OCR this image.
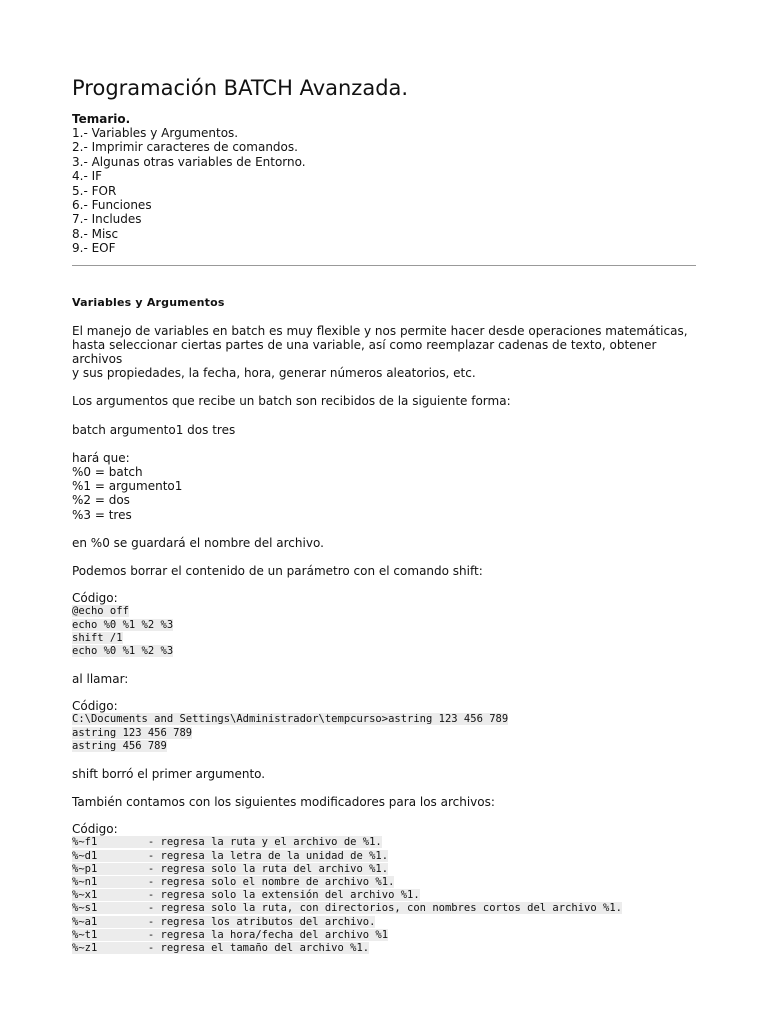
Programación BATCH Avanzada.
Temario.
1.- Variables y Argumentos.
2.- Imprimir caracteres de comandos.
3.- Algunas otras variables de Entorno.
4.- IF
5.- FOR
6.- Funciones
7.- Includes
8.- Misc
9.- EOF
Variables y Argumentos

El manejo de variables en batch es muy flexible y nos permite hacer desde operaciones matemáticas,

hasta seleccionar ciertas partes de una variable, así como reemplazar cadenas de texto, obtener archivos

y sus propiedades, la fecha, hora, generar números aleatorios, etc.

Los argumentos que recibe un batch son recibidos de la siguiente forma:

batch argumento1 dos tres

hará que:
%0 = batch
%1 = argumento1
%2 = dos
%3 = tres

en %0 se guardará el nombre del archivo.

Podemos borrar el contenido de un parámetro con el comando shift:

Código:
@echo off
echo %0 %1 %2 %3
shift /1
echo %0 %1 %2 %3

al llamar:

Código:
C:\Documents and Settings\Administrador\tempcurso>astring 123 456 789
astring 123 456 789
astring 456 789

shift borró el primer argumento.

También contamos con los siguientes modificadores para los archivos:

Código:
%~f1        - regresa la ruta y el archivo de %1.
%~d1        - regresa la letra de la unidad de %1.
%~p1        - regresa solo la ruta del archivo %1.
%~n1        - regresa solo el nombre de archivo %1.
%~x1        - regresa solo la extensión del archivo %1.
%~s1        - regresa solo la ruta, con directorios, con nombres cortos del archivo %1.
%~a1        - regresa los atributos del archivo.
%~t1        - regresa la hora/fecha del archivo %1
%~z1        - regresa el tamaño del archivo %1.
